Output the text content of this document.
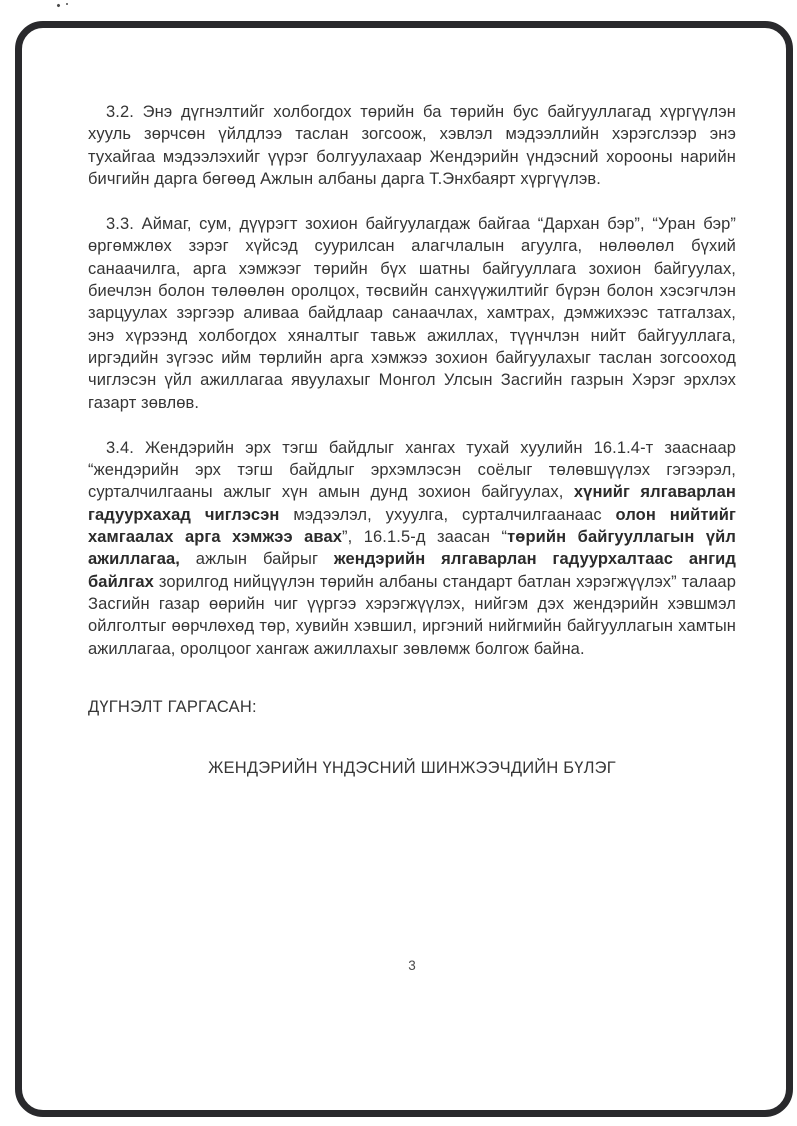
3.2. Энэ дүгнэлтийг холбогдох төрийн ба төрийн бус байгууллагад хүргүүлэн хууль зөрчсөн үйлдлээ таслан зогсоож, хэвлэл мэдээллийн хэрэгслээр энэ тухайгаа мэдээлэхийг үүрэг болгуулахаар Жендэрийн үндэсний хорооны нарийн бичгийн дарга бөгөөд Ажлын албаны дарга Т.Энхбаярт хүргүүлэв.

3.3. Аймаг, сум, дүүрэгт зохион байгуулагдаж байгаа “Дархан бэр”, “Уран бэр” өргөмжлөх зэрэг хүйсэд суурилсан алагчлалын агуулга, нөлөөлөл бүхий санаачилга, арга хэмжээг төрийн бүх шатны байгууллага зохион байгуулах, биечлэн болон төлөөлөн оролцох, төсвийн санхүүжилтийг бүрэн болон хэсэгчлэн зарцуулах зэргээр аливаа байдлаар санаачлах, хамтрах, дэмжихээс татгалзах, энэ хүрээнд холбогдох хяналтыг тавьж ажиллах, түүнчлэн нийт байгууллага, иргэдийн зүгээс ийм төрлийн арга хэмжээ зохион байгуулахыг таслан зогсооход чиглэсэн үйл ажиллагаа явуулахыг Монгол Улсын Засгийн газрын Хэрэг эрхлэх газарт зөвлөв.

3.4. Жендэрийн эрх тэгш байдлыг хангах тухай хуулийн 16.1.4-т зааснаар “жендэрийн эрх тэгш байдлыг эрхэмлэсэн соёлыг төлөвшүүлэх гэгээрэл, сурталчилгааны ажлыг хүн амын дунд зохион байгуулах, хүнийг ялгаварлан гадуурхахад чиглэсэн мэдээлэл, ухуулга, сурталчилгаанаас олон нийтийг хамгаалах арга хэмжээ авах”, 16.1.5-д заасан “төрийн байгууллагын үйл ажиллагаа, ажлын байрыг жендэрийн ялгаварлан гадуурхалтаас ангид байлгах зорилгод нийцүүлэн төрийн албаны стандарт батлан хэрэгжүүлэх” талаар Засгийн газар өөрийн чиг үүргээ хэрэгжүүлэх, нийгэм дэх жендэрийн хэвшмэл ойлголтыг өөрчлөхөд төр, хувийн хэвшил, иргэний нийгмийн байгууллагын хамтын ажиллагаа, оролцоог хангаж ажиллахыг зөвлөмж болгож байна.

ДҮГНЭЛТ ГАРГАСАН:

ЖЕНДЭРИЙН ҮНДЭСНИЙ ШИНЖЭЭЧДИЙН БҮЛЭГ

3
